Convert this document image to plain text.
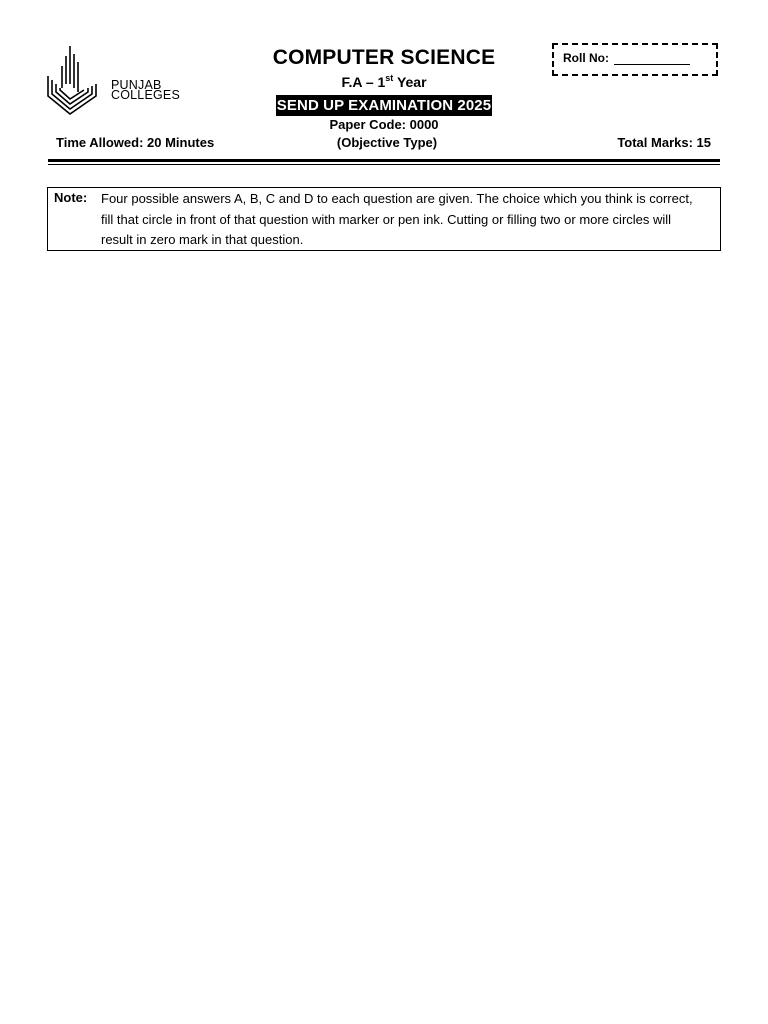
PUNJAB
COLLEGES
COMPUTER SCIENCE
F.A – 1st Year
SEND UP EXAMINATION 2025
Paper Code: 0000
(Objective Type)
Time Allowed: 20 Minutes	Total Marks: 15
Roll No:
Note: Four possible answers A, B, C and D to each question are given. The choice which you think is correct, fill that circle in front of that question with marker or pen ink. Cutting or filling two or more circles will result in zero mark in that question.
